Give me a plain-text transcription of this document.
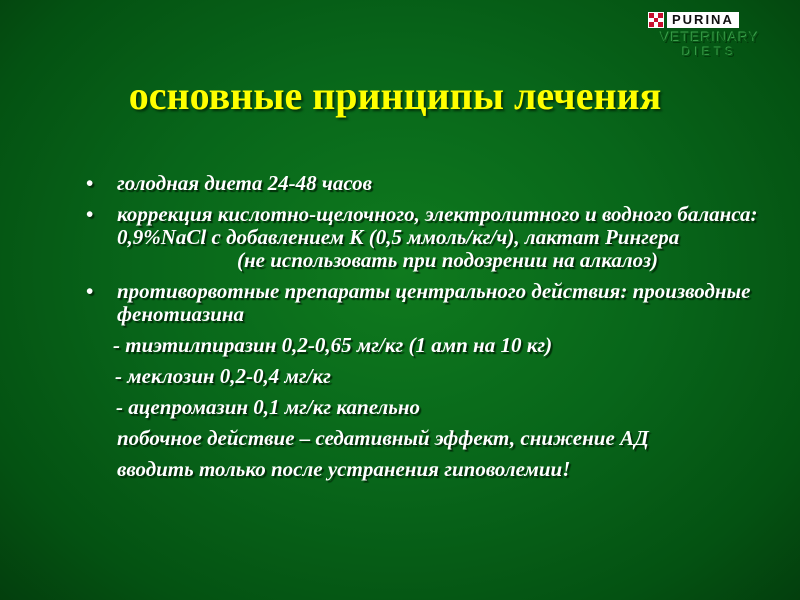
PURINA
VETERINARY
DIETS
основные принципы лечения
• голодная диета 24-48 часов
• коррекция кислотно-щелочного, электролитного и водного баланса: 0,9%NaCl с добавлением К (0,5 ммоль/кг/ч), лактат Рингера(не использовать при подозрении на алкалоз)
• противорвотные препараты центрального действия: производные фенотиазина
- тиэтилпиразин 0,2-0,65 мг/кг (1 амп на 10 кг)
- меклозин 0,2-0,4 мг/кг
- ацепромазин 0,1 мг/кг капельно
побочное действие – седативный эффект, снижение АД
вводить только после устранения гиповолемии!
